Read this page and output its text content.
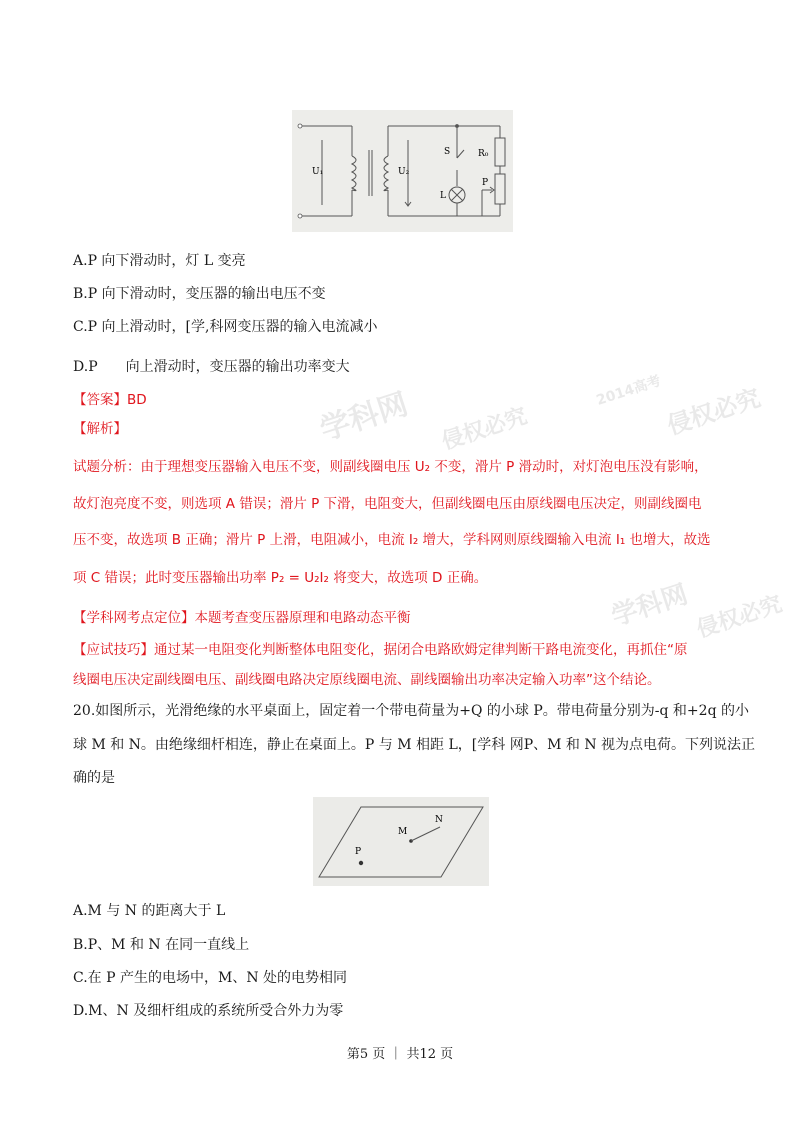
学科网 侵权必究
2014高考 侵权必究
学科网 侵权必究
U₁	U₂
S	R₀
L
P
A.P 向下滑动时，灯 L 变亮
B.P 向下滑动时，变压器的输出电压不变
C.P 向上滑动时，[学,科网变压器的输入电流减小
D.P　　向上滑动时，变压器的输出功率变大
【答案】BD
【解析】
试题分析：由于理想变压器输入电压不变，则副线圈电压 U₂ 不变，滑片 P 滑动时，对灯泡电压没有影响，
故灯泡亮度不变，则选项 A 错误；滑片 P 下滑，电阻变大，但副线圈电压由原线圈电压决定，则副线圈电
压不变，故选项 B 正确；滑片 P 上滑，电阻减小，电流 I₂ 增大，学科网则原线圈输入电流 I₁ 也增大，故选
项 C 错误；此时变压器输出功率 P₂ = U₂I₂ 将变大，故选项 D 正确。
【学科网考点定位】本题考查变压器原理和电路动态平衡
【应试技巧】通过某一电阻变化判断整体电阻变化，据闭合电路欧姆定律判断干路电流变化，再抓住“原
线圈电压决定副线圈电压、副线圈电路决定原线圈电流、副线圈输出功率决定输入功率”这个结论。
20.如图所示，光滑绝缘的水平桌面上，固定着一个带电荷量为+Q 的小球 P。带电荷量分别为-q 和+2q 的小
球 M 和 N。由绝缘细杆相连，静止在桌面上。P 与 M 相距 L，[学科 网P、M 和 N 视为点电荷。下列说法正
确的是
P
M
N
A.M 与 N 的距离大于 L
B.P、M 和 N 在同一直线上
C.在 P 产生的电场中，M、N 处的电势相同
D.M、N 及细杆组成的系统所受合外力为零
第5 页 ｜ 共12 页
